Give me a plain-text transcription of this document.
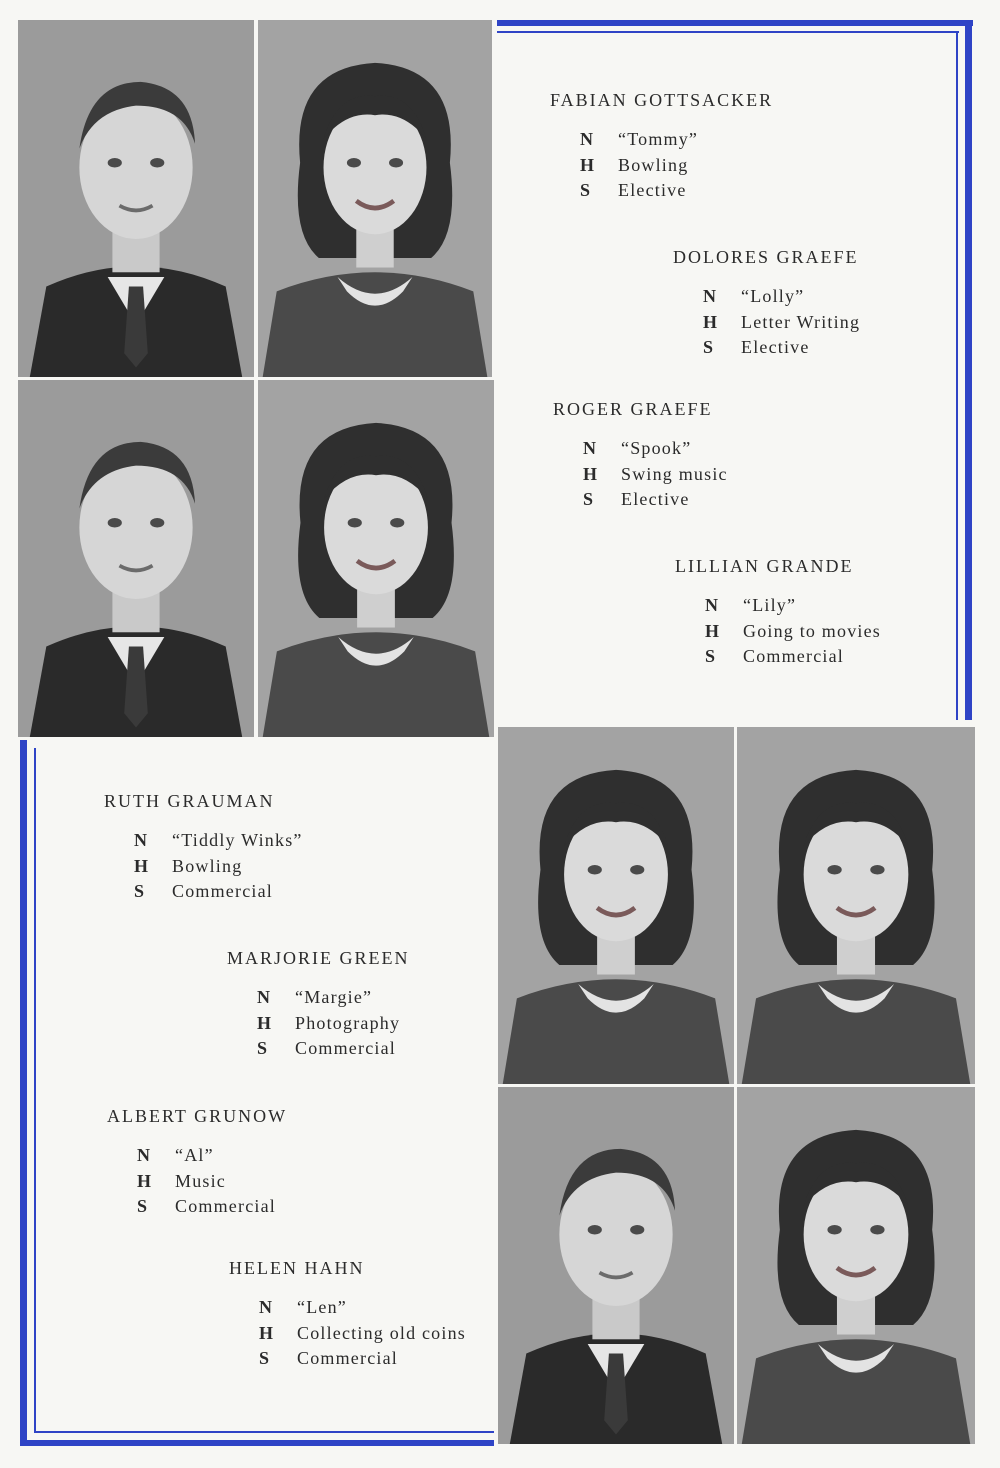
FABIAN GOTTSACKER
N “Tommy”
H Bowling
S Elective
DOLORES GRAEFE
N “Lolly”
H Letter Writing
S Elective
ROGER GRAEFE
N “Spook”
H Swing music
S Elective
LILLIAN GRANDE
N “Lily”
H Going to movies
S Commercial
RUTH GRAUMAN
N “Tiddly Winks”
H Bowling
S Commercial
MARJORIE GREEN
N “Margie”
H Photography
S Commercial
ALBERT GRUNOW
N “Al”
H Music
S Commercial
HELEN HAHN
N “Len”
H Collecting old coins
S Commercial
